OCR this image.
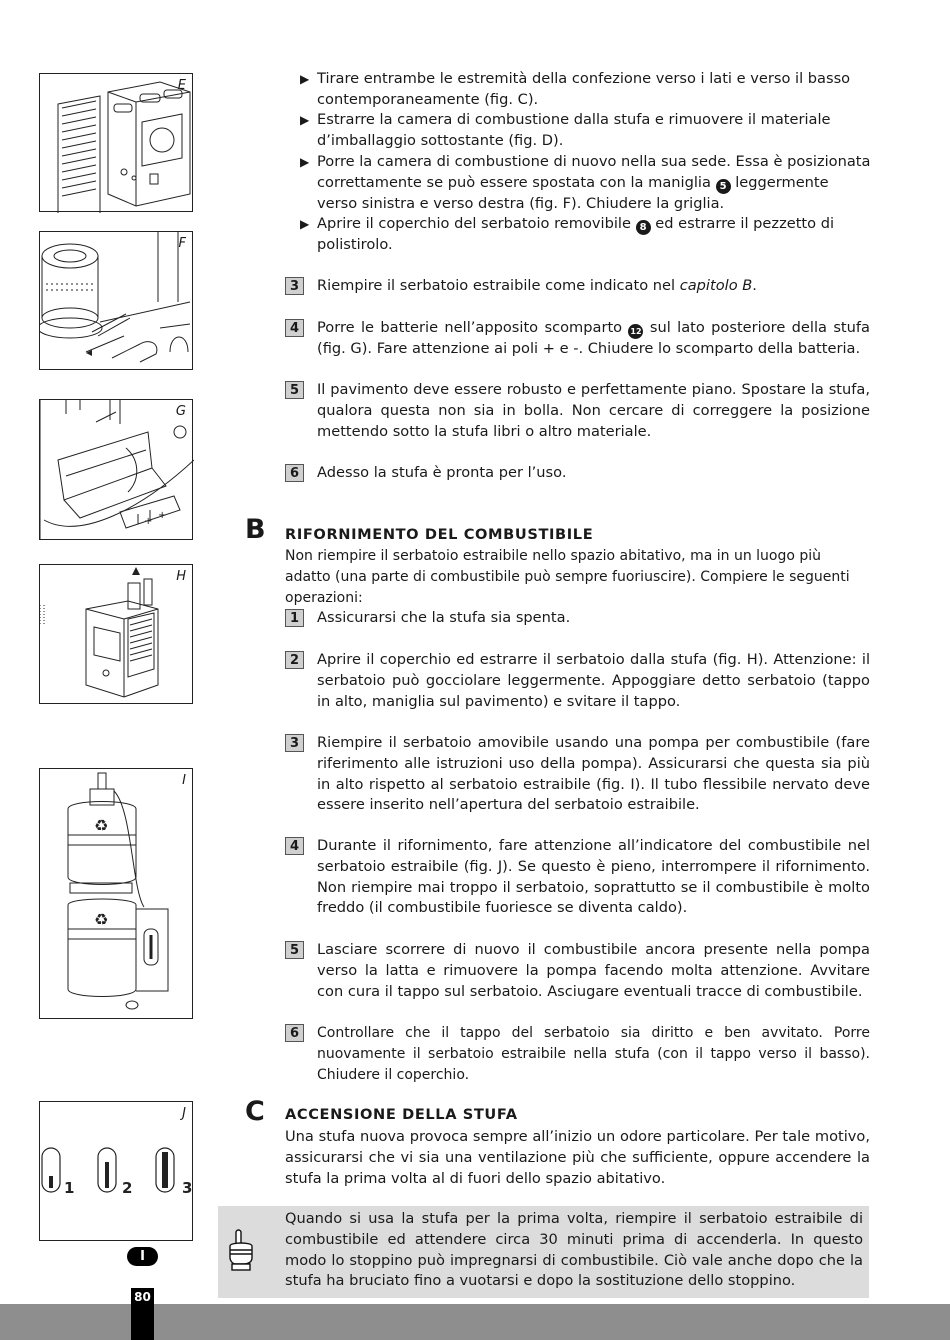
E
F
G
+
+
H
I
♻
♻
J
1	2	3
▶ Tirare entrambe le estremità della confezione verso i lati e verso il basso contemporaneamente (fig. C).
▶ Estrarre la camera di combustione dalla stufa e rimuovere il materiale d’imballaggio sottostante (fig. D).
▶ Porre la camera di combustione di nuovo nella sua sede. Essa è posizionata correttamente se può essere spostata con la maniglia 5 leggermente verso sinistra e verso destra (fig. F). Chiudere la griglia.
▶ Aprire il coperchio del serbatoio removibile 8 ed estrarre il pezzetto di polistirolo.
3	Riempire il serbatoio estraibile come indicato nel capitolo B.
4	Porre le batterie nell’apposito scomparto 12 sul lato posteriore della stufa (fig. G). Fare attenzione ai poli + e -. Chiudere lo scomparto della batteria.
5	Il pavimento deve essere robusto e perfettamente piano. Spostare la stufa, qualora questa non sia in bolla. Non cercare di correggere la posizione mettendo sotto la stufa libri o altro materiale.
6	Adesso la stufa è pronta per l’uso.
B RIFORNIMENTO DEL COMBUSTIBILE
Non riempire il serbatoio estraibile nello spazio abitativo, ma in un luogo più adatto (una parte di combustibile può sempre fuoriuscire). Compiere le seguenti operazioni:
1	Assicurarsi che la stufa sia spenta.
2	Aprire il coperchio ed estrarre il serbatoio dalla stufa (fig. H). Attenzione: il serbatoio può gocciolare leggermente. Appoggiare detto serbatoio (tappo in alto, maniglia sul pavimento) e svitare il tappo.
3	Riempire il serbatoio amovibile usando una pompa per combustibile (fare riferimento alle istruzioni uso della pompa). Assicurarsi che questa sia più in alto rispetto al serbatoio estraibile (fig. I). Il tubo flessibile nervato deve essere inserito nell’apertura del serbatoio estraibile.
4	Durante il rifornimento, fare attenzione all’indicatore del combustibile nel serbatoio estraibile (fig. J). Se questo è pieno, interrompere il rifornimento. Non riempire mai troppo il serbatoio, soprattutto se il combustibile è molto freddo (il combustibile fuoriesce se diventa caldo).
5	Lasciare scorrere di nuovo il combustibile ancora presente nella pompa verso la latta e rimuovere la pompa facendo molta attenzione. Avvitare con cura il tappo sul serbatoio. Asciugare eventuali tracce di combustibile.
6	Controllare che il tappo del serbatoio sia diritto e ben avvitato. Porre nuovamente il serbatoio estraibile nella stufa (con il tappo verso il basso). Chiudere il coperchio.
C ACCENSIONE DELLA STUFA
Una stufa nuova provoca sempre all’inizio un odore particolare. Per tale motivo, assicurarsi che vi sia una ventilazione più che sufficiente, oppure accendere la stufa la prima volta al di fuori dello spazio abitativo.
Quando si usa la stufa per la prima volta, riempire il serbatoio estraibile di combustibile ed attendere circa 30 minuti prima di accenderla. In questo modo lo stoppino può impregnarsi di combustibile. Ciò vale anche dopo che la stufa ha bruciato fino a vuotarsi e dopo la sostituzione dello stoppino.
I
80
